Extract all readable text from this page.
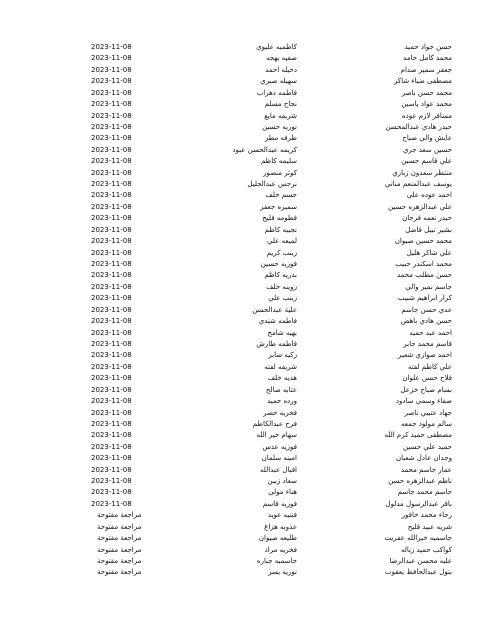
حسن جواد حميد
كاظميه عليوي
2023-11-08
محمد كامل حامد
صفيه بهجه
2023-11-08
جعفر سمير صدام
دخيله احمد
2023-11-08
مصطفى ضياء شاكر
سهيله صبري
2023-11-08
محمد حسن ناصر
فاطمه دهراب
2023-11-08
محمد عواد ياسين
نجاح مسلم
2023-11-08
مسافر لازم عوده
شريفه مايع
2023-11-08
حيدر هادي عبدالمحسن
نوريه حسين
2023-11-08
عايش والي صباح
طرفه مطر
2023-11-08
حسين سعد جري
كريمه عبدالحسن عبود
2023-11-08
علي قاسم حسين
سليمه كاظم
2023-11-08
منتظر سعدون زباري
كوثر منصور
2023-11-08
يوسف عبدالمنعم مناتي
نرجس عبدالجليل
2023-11-08
احمد عوده علي
جسم خلف
2023-11-08
علي عبدالزهره حسين
سميره جعفر
2023-11-08
حيدر نعمه فرحان
فطومه فليح
2023-11-08
بشير نبيل فاضل
نجيبه كاظم
2023-11-08
محمد حسين صيوان
لميعه علي
2023-11-08
علي شاكر هليل
زينب كريم
2023-11-08
محمد اسكندر حبيب
فوزيه حسين
2023-11-08
حسن مطلب محمد
بدريه كاظم
2023-11-08
جاسم نمير والي
زوينه خلف
2023-11-08
كرار ابراهيم شبيب
زينب علي
2023-11-08
عدي حسن جاسم
علية عبدالحسن
2023-11-08
حسن هادي باهض
فاطمه شندي
2023-11-08
احمد عبد حميد
بهيه شامخ
2023-11-08
قاسم محمد جابر
فاطمه طارش
2023-11-08
احمد صوازي شعير
زكيه صابر
2023-11-08
علي كاظم لفته
شريفه لفته
2023-11-08
فلاح حسن علوان
هديه خلف
2023-11-08
بسام صباح خزعل
عتابه صالح
2023-11-08
صفاء وسمي سادود
ورده حميد
2023-11-08
جهاد عتيبي ناصر
فخريه خضر
2023-11-08
سالم مولود جمعه
فرح عبدالكاظم
2023-11-08
مصطفى حميد كرم الله
سهام خير الله
2023-11-08
حميد علي حسين
فوزيه عدس
2023-11-08
وجدان عادل شعبان
امينه سلمان
2023-11-08
عمار جاسم محمد
اقبال عبدالله
2023-11-08
ناظم عبدالزهره حسن
سعاد زبين
2023-11-08
جاسم محمد جاسم
هناء مولى
2023-11-08
باقر عبدالرسول مدلول
فوزيه قاسم
2023-11-08
رجاء محمد خافور
فتنيه عويد
مراجعة مفتوحة
شريه عبيد فليح
عذوبه هزاع
مراجعة مفتوحة
جاسميه خيرالله عفريت
طليعه صيوان
مراجعة مفتوحة
كواكب حميد زباله
فخريه مراد
مراجعة مفتوحة
عليه محسن عبدالرضا
جاسميه جباره
مراجعة مفتوحة
بتول عبدالحافظ يعقوب
نوريه يسر
مراجعة مفتوحة
